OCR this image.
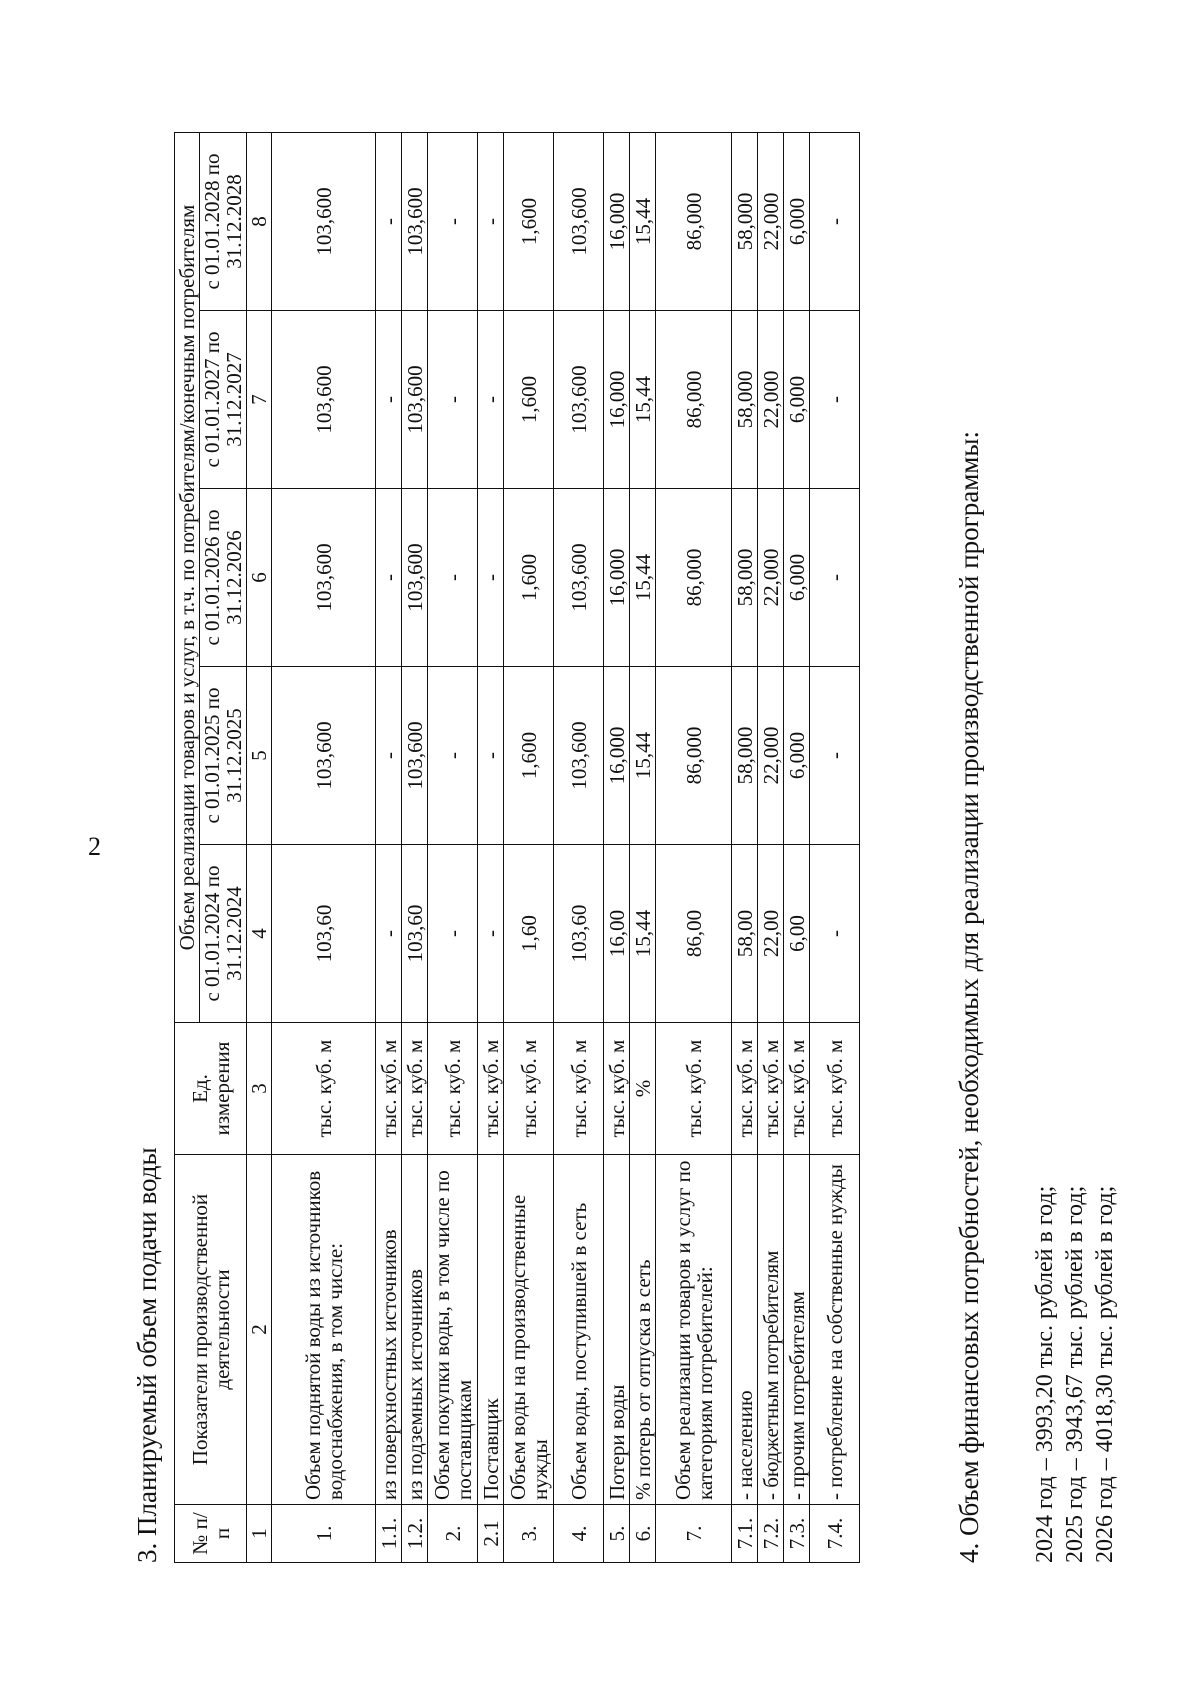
2
3. Планируемый объем подачи воды № п/п	Показатели производственной деятельности	Ед. измерения	Объем реализации товаров и услуг, в т.ч. по потребителям/конечным потребителям				
			с 01.01.2024 по 31.12.2024	с 01.01.2025 по 31.12.2025	с 01.01.2026 по 31.12.2026	с 01.01.2027 по 31.12.2027	с 01.01.2028 по 31.12.2028
1	2	3	4	5	6	7	8
1.	Объем поднятой воды из источников водоснабжения, в том числе:	тыс. куб. м	103,60	103,600	103,600	103,600	103,600
1.1.	из поверхностных источников	тыс. куб. м	-	-	-	-	-
1.2.	из подземных источников	тыс. куб. м	103,60	103,600	103,600	103,600	103,600
2.	Объем покупки воды, в том числе по поставщикам	тыс. куб. м	-	-	-	-	-
2.1	Поставщик	тыс. куб. м	-	-	-	-	-
3.	Объем воды на производственные нужды	тыс. куб. м	1,60	1,600	1,600	1,600	1,600
4.	Объем воды, поступившей в сеть	тыс. куб. м	103,60	103,600	103,600	103,600	103,600
5.	Потери воды	тыс. куб. м	16,00	16,000	16,000	16,000	16,000
6.	% потерь от отпуска в сеть	%	15,44	15,44	15,44	15,44	15,44
7.	Объем реализации товаров и услуг по категориям потребителей:	тыс. куб. м	86,00	86,000	86,000	86,000	86,000
7.1.	- населению	тыс. куб. м	58,00	58,000	58,000	58,000	58,000
7.2.	- бюджетным потребителям	тыс. куб. м	22,00	22,000	22,000	22,000	22,000
7.3.	- прочим потребителям	тыс. куб. м	6,00	6,000	6,000	6,000	6,000
7.4.	- потребление на собственные нужды	тыс. куб. м	-	-	-	-	-
4. Объем финансовых потребностей, необходимых для реализации производственной программы: 2024 год – 3993,20 тыс. рублей в год; 2025 год – 3943,67 тыс. рублей в год; 2026 год – 4018,30 тыс. рублей в год;
